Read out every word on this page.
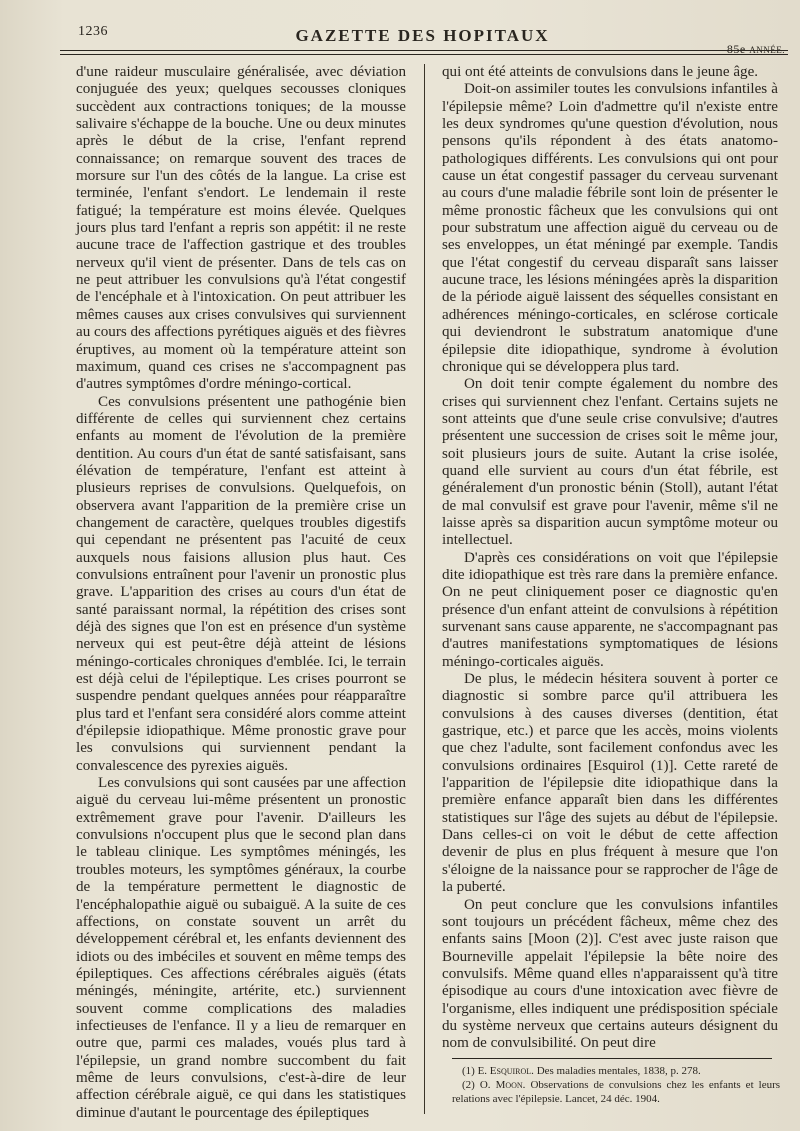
1236	GAZETTE DES HOPITAUX
85e ANNÉE.

d'une raideur musculaire généralisée, avec déviation conjuguée des yeux; quelques secousses cloniques succèdent aux contractions toniques; de la mousse salivaire s'échappe de la bouche. Une ou deux minutes après le début de la crise, l'enfant reprend connaissance; on remarque souvent des traces de morsure sur l'un des côtés de la langue. La crise est terminée, l'enfant s'endort. Le lendemain il reste fatigué; la température est moins élevée. Quelques jours plus tard l'enfant a repris son appétit: il ne reste aucune trace de l'affection gastrique et des troubles nerveux qu'il vient de présenter. Dans de tels cas on ne peut attribuer les convulsions qu'à l'état congestif de l'encéphale et à l'intoxication. On peut attribuer les mêmes causes aux crises convulsives qui surviennent au cours des affections pyrétiques aiguës et des fièvres éruptives, au moment où la température atteint son maximum, quand ces crises ne s'accompagnent pas d'autres symptômes d'ordre méningo-cortical.

Ces convulsions présentent une pathogénie bien différente de celles qui surviennent chez certains enfants au moment de l'évolution de la première dentition. Au cours d'un état de santé satisfaisant, sans élévation de température, l'enfant est atteint à plusieurs reprises de convulsions. Quelquefois, on observera avant l'apparition de la première crise un changement de caractère, quelques troubles digestifs qui cependant ne présentent pas l'acuité de ceux auxquels nous faisions allusion plus haut. Ces convulsions entraînent pour l'avenir un pronostic plus grave. L'apparition des crises au cours d'un état de santé paraissant normal, la répétition des crises sont déjà des signes que l'on est en présence d'un système nerveux qui est peut-être déjà atteint de lésions méningo-corticales chroniques d'emblée. Ici, le terrain est déjà celui de l'épileptique. Les crises pourront se suspendre pendant quelques années pour réapparaître plus tard et l'enfant sera considéré alors comme atteint d'épilepsie idiopathique. Même pronostic grave pour les convulsions qui surviennent pendant la convalescence des pyrexies aiguës.

Les convulsions qui sont causées par une affection aiguë du cerveau lui-même présentent un pronostic extrêmement grave pour l'avenir. D'ailleurs les convulsions n'occupent plus que le second plan dans le tableau clinique. Les symptômes méningés, les troubles moteurs, les symptômes généraux, la courbe de la température permettent le diagnostic de l'encéphalopathie aiguë ou subaiguë. A la suite de ces affections, on constate souvent un arrêt du développement cérébral et, les enfants deviennent des idiots ou des imbéciles et souvent en même temps des épileptiques. Ces affections cérébrales aiguës (états méningés, méningite, artérite, etc.) surviennent souvent comme complications des maladies infectieuses de l'enfance. Il y a lieu de remarquer en outre que, parmi ces malades, voués plus tard à l'épilepsie, un grand nombre succombent du fait même de leurs convulsions, c'est-à-dire de leur affection cérébrale aiguë, ce qui dans les statistiques diminue d'autant le pourcentage des épileptiques

qui ont été atteints de convulsions dans le jeune âge.

Doit-on assimiler toutes les convulsions infantiles à l'épilepsie même? Loin d'admettre qu'il n'existe entre les deux syndromes qu'une question d'évolution, nous pensons qu'ils répondent à des états anatomo-pathologiques différents. Les convulsions qui ont pour cause un état congestif passager du cerveau survenant au cours d'une maladie fébrile sont loin de présenter le même pronostic fâcheux que les convulsions qui ont pour substratum une affection aiguë du cerveau ou de ses enveloppes, un état méningé par exemple. Tandis que l'état congestif du cerveau disparaît sans laisser aucune trace, les lésions méningées après la disparition de la période aiguë laissent des séquelles consistant en adhérences méningo-corticales, en sclérose corticale qui deviendront le substratum anatomique d'une épilepsie dite idiopathique, syndrome à évolution chronique qui se développera plus tard.

On doit tenir compte également du nombre des crises qui surviennent chez l'enfant. Certains sujets ne sont atteints que d'une seule crise convulsive; d'autres présentent une succession de crises soit le même jour, soit plusieurs jours de suite. Autant la crise isolée, quand elle survient au cours d'un état fébrile, est généralement d'un pronostic bénin (Stoll), autant l'état de mal convulsif est grave pour l'avenir, même s'il ne laisse après sa disparition aucun symptôme moteur ou intellectuel.

D'après ces considérations on voit que l'épilepsie dite idiopathique est très rare dans la première enfance. On ne peut cliniquement poser ce diagnostic qu'en présence d'un enfant atteint de convulsions à répétition survenant sans cause apparente, ne s'accompagnant pas d'autres manifestations symptomatiques de lésions méningo-corticales aiguës.

De plus, le médecin hésitera souvent à porter ce diagnostic si sombre parce qu'il attribuera les convulsions à des causes diverses (dentition, état gastrique, etc.) et parce que les accès, moins violents que chez l'adulte, sont facilement confondus avec les convulsions ordinaires [Esquirol (1)]. Cette rareté de l'apparition de l'épilepsie dite idiopathique dans la première enfance apparaît bien dans les différentes statistiques sur l'âge des sujets au début de l'épilepsie. Dans celles-ci on voit le début de cette affection devenir de plus en plus fréquent à mesure que l'on s'éloigne de la naissance pour se rapprocher de l'âge de la puberté.

On peut conclure que les convulsions infantiles sont toujours un précédent fâcheux, même chez des enfants sains [Moon (2)]. C'est avec juste raison que Bourneville appelait l'épilepsie la bête noire des convulsifs. Même quand elles n'apparaissent qu'à titre épisodique au cours d'une intoxication avec fièvre de l'organisme, elles indiquent une prédisposition spéciale du système nerveux que certains auteurs désignent du nom de convulsibilité. On peut dire

(1) E. Esquirol. Des maladies mentales, 1838, p. 278.

(2) O. Moon. Observations de convulsions chez les enfants et leurs relations avec l'épilepsie. Lancet, 24 déc. 1904.
